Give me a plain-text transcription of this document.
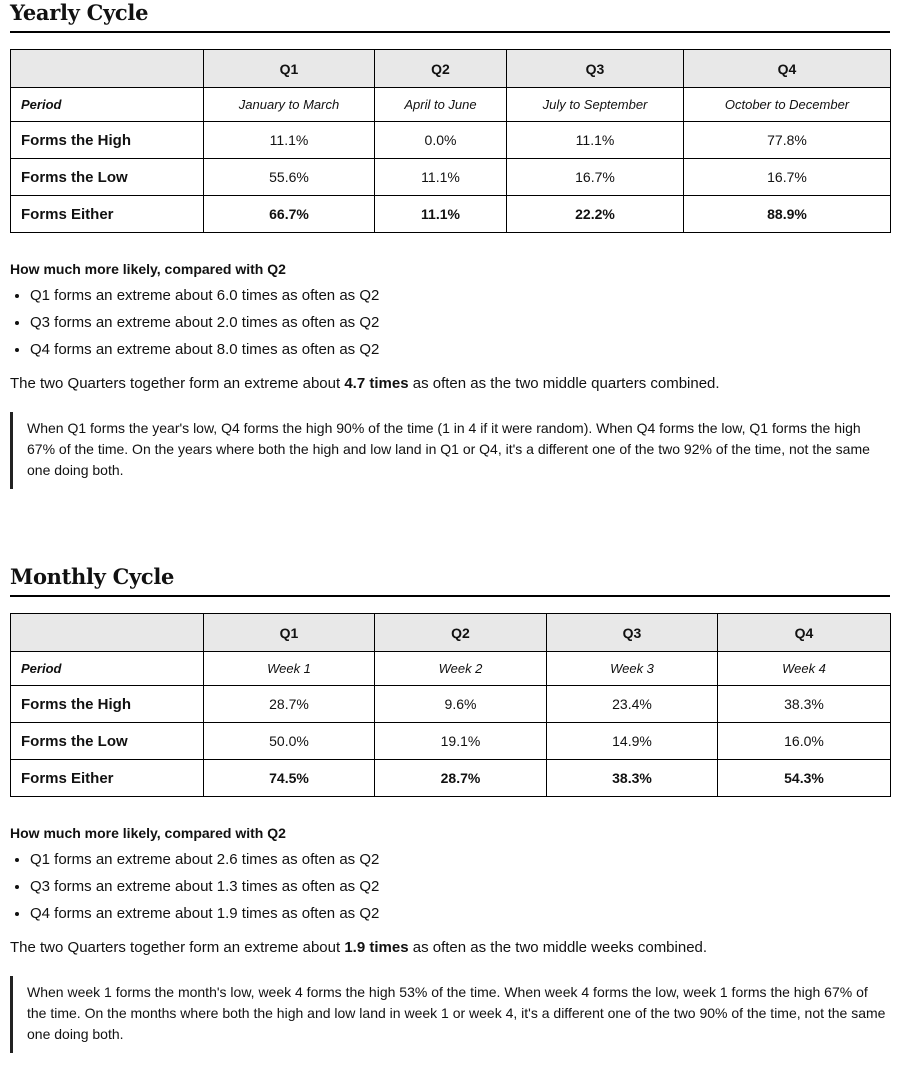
Yearly Cycle
	Q1	Q2	Q3	Q4
Period	January to March	April to June	July to September	October to December
Forms the High	11.1%	0.0%	11.1%	77.8%
Forms the Low	55.6%	11.1%	16.7%	16.7%
Forms Either	66.7%	11.1%	22.2%	88.9%

How much more likely, compared with Q2

• Q1 forms an extreme about 6.0 times as often as Q2
• Q3 forms an extreme about 2.0 times as often as Q2
• Q4 forms an extreme about 8.0 times as often as Q2

The two Quarters together form an extreme about 4.7 times as often as the two middle quarters combined.

When Q1 forms the year's low, Q4 forms the high 90% of the time (1 in 4 if it were random). When Q4 forms the low, Q1 forms the high 67% of the time. On the years where both the high and low land in Q1 or Q4, it's a different one of the two 92% of the time, not the same one doing both.
Monthly Cycle
	Q1	Q2	Q3	Q4
Period	Week 1	Week 2	Week 3	Week 4
Forms the High	28.7%	9.6%	23.4%	38.3%
Forms the Low	50.0%	19.1%	14.9%	16.0%
Forms Either	74.5%	28.7%	38.3%	54.3%

How much more likely, compared with Q2

• Q1 forms an extreme about 2.6 times as often as Q2
• Q3 forms an extreme about 1.3 times as often as Q2
• Q4 forms an extreme about 1.9 times as often as Q2

The two Quarters together form an extreme about 1.9 times as often as the two middle weeks combined.

When week 1 forms the month's low, week 4 forms the high 53% of the time. When week 4 forms the low, week 1 forms the high 67% of the time. On the months where both the high and low land in week 1 or week 4, it's a different one of the two 90% of the time, not the same one doing both.
